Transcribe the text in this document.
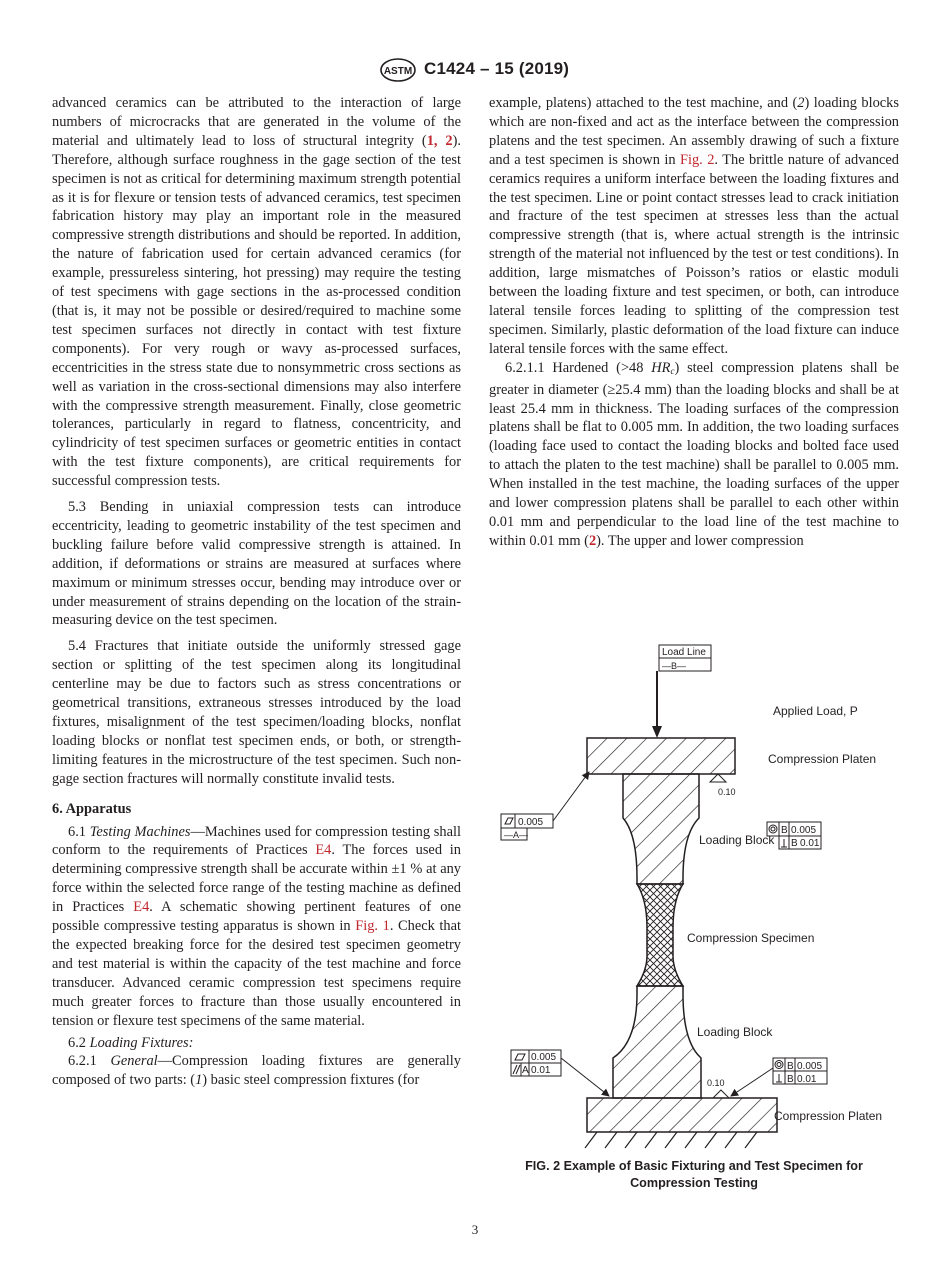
ASTM C1424 – 15 (2019)

advanced ceramics can be attributed to the interaction of large numbers of microcracks that are generated in the volume of the material and ultimately lead to loss of structural integrity (1, 2). Therefore, although surface roughness in the gage section of the test specimen is not as critical for determining maximum strength potential as it is for flexure or tension tests of advanced ceramics, test specimen fabrication history may play an important role in the measured compressive strength distributions and should be reported. In addition, the nature of fabrication used for certain advanced ceramics (for example, pressureless sintering, hot pressing) may require the testing of test specimens with gage sections in the as-processed condition (that is, it may not be possible or desired/required to machine some test specimen surfaces not directly in contact with test fixture components). For very rough or wavy as-processed surfaces, eccentricities in the stress state due to nonsymmetric cross sections as well as variation in the cross-sectional dimensions may also interfere with the compressive strength measurement. Finally, close geometric tolerances, particularly in regard to flatness, concentricity, and cylindricity of test specimen surfaces or geometric entities in contact with the test fixture components), are critical requirements for successful compression tests.

5.3 Bending in uniaxial compression tests can introduce eccentricity, leading to geometric instability of the test specimen and buckling failure before valid compressive strength is attained. In addition, if deformations or strains are measured at surfaces where maximum or minimum stresses occur, bending may introduce over or under measurement of strains depending on the location of the strain-measuring device on the test specimen.

5.4 Fractures that initiate outside the uniformly stressed gage section or splitting of the test specimen along its longitudinal centerline may be due to factors such as stress concentrations or geometrical transitions, extraneous stresses introduced by the load fixtures, misalignment of the test specimen/loading blocks, nonflat loading blocks or nonflat test specimen ends, or both, or strength-limiting features in the microstructure of the test specimen. Such non-gage section fractures will normally constitute invalid tests.

6. Apparatus

6.1 Testing Machines—Machines used for compression testing shall conform to the requirements of Practices E4. The forces used in determining compressive strength shall be accurate within ±1 % at any force within the selected force range of the testing machine as defined in Practices E4. A schematic showing pertinent features of one possible compressive testing apparatus is shown in Fig. 1. Check that the expected breaking force for the desired test specimen geometry and test material is within the capacity of the test machine and force transducer. Advanced ceramic compression test specimens require much greater forces to fracture than those usually encountered in tension or flexure test specimens of the same material.

6.2 Loading Fixtures:

6.2.1 General—Compression loading fixtures are generally composed of two parts: (1) basic steel compression fixtures (for

example, platens) attached to the test machine, and (2) loading blocks which are non-fixed and act as the interface between the compression platens and the test specimen. An assembly drawing of such a fixture and a test specimen is shown in Fig. 2. The brittle nature of advanced ceramics requires a uniform interface between the loading fixtures and the test specimen. Line or point contact stresses lead to crack initiation and fracture of the test specimen at stresses less than the actual compressive strength (that is, where actual strength is the intrinsic strength of the material not influenced by the test or test conditions). In addition, large mismatches of Poisson’s ratios or elastic moduli between the loading fixture and test specimen, or both, can introduce lateral tensile forces leading to splitting of the compression test specimen. Similarly, plastic deformation of the load fixture can induce lateral tensile forces with the same effect.

6.2.1.1 Hardened (>48 $HR_c$) steel compression platens shall be greater in diameter (≥25.4 mm) than the loading blocks and shall be at least 25.4 mm in thickness. The loading surfaces of the compression platens shall be flat to 0.005 mm. In addition, the two loading surfaces (loading face used to contact the loading blocks and bolted face used to attach the platen to the test machine) shall be parallel to 0.005 mm. When installed in the test machine, the loading surfaces of the upper and lower compression platens shall be parallel to each other within 0.01 mm and perpendicular to the load line of the test machine to within 0.01 mm (2). The upper and lower compression

Load Line
—B—
Applied Load, P
Compression Platen
0.10
Loading Block
Compression Specimen
Loading Block
Compression Platen
0.10
0.005
—A—	B 0.005
B 0.01
0.005
A 0.01	B 0.005
B 0.01
FIG. 2 Example of Basic Fixturing and Test Specimen for Compression Testing
3
